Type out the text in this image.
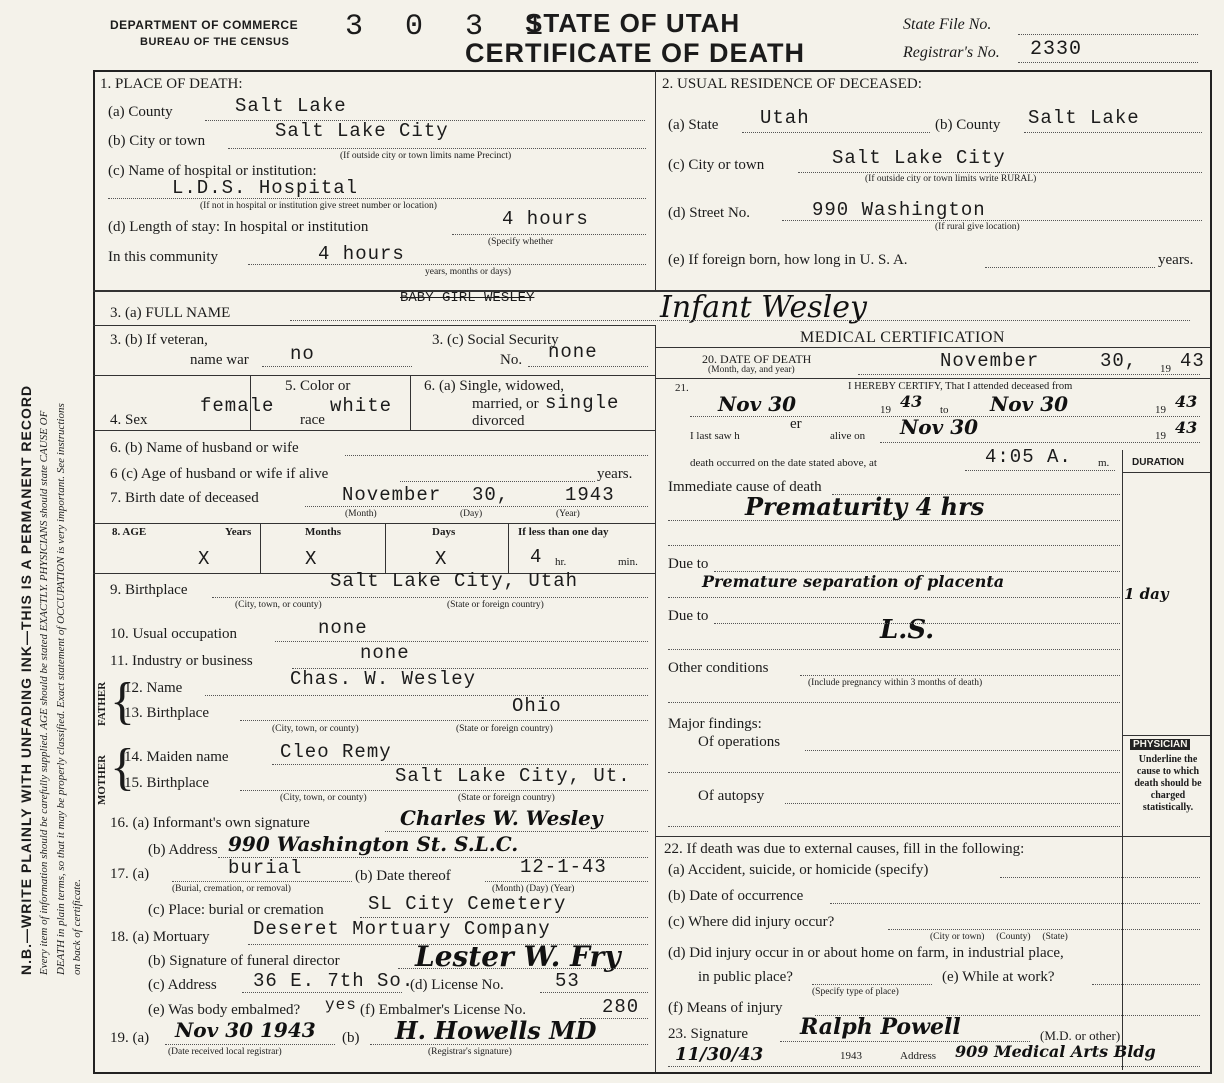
N.B.—WRITE PLAINLY WITH UNFADING INK—THIS IS A PERMANENT RECORD Every item of information should be carefully supplied. AGE should be stated EXACTLY. PHYSICIANS should state CAUSE OF DEATH in plain terms, so that it may be properly classified. Exact statement of OCCUPATION is very important. See instructions on back of certificate.
DEPARTMENT OF COMMERCE
BUREAU OF THE CENSUS 3 0 3 1
STATE OF UTAH
CERTIFICATE OF DEATH
State File No.
Registrar's No. 2330
1. PLACE OF DEATH:
(a) County	Salt Lake
(b) City or town	Salt Lake City
(If outside city or town limits name Precinct)
(c) Name of hospital or institution:
L.D.S. Hospital
(If not in hospital or institution give street number or location)
(d) Length of stay: In hospital or institution	4 hours
(Specify whether
In this community	4 hours
years, months or days)
2. USUAL RESIDENCE OF DECEASED:
(a) State Utah	(b) County Salt Lake
(c) City or town	Salt Lake City
(If outside city or town limits write RURAL)
(d) Street No.	990 Washington
(If rural give location)
(e) If foreign born, how long in U. S. A.	years.
3. (a) FULL NAME
BABY GIRL WESLEY	Infant Wesley
MEDICAL CERTIFICATION
3. (b) If veteran,
name war no
3. (c) Social Security
No. none
4. Sex
female
5. Color or
white
race
6. (a) Single, widowed,
married, or single
divorced
6. (b) Name of husband or wife
6 (c) Age of husband or wife if alive	years.
7. Birth date of deceased	November 30,	1943
(Month)	(Day)	(Year)
8. AGE	Years	Months	Days	If less than one day
X	X	X	4 hr.	min.
9. Birthplace	Salt Lake City, Utah
(City, town, or county)	(State or foreign country)
10. Usual occupation	none
11. Industry or business	none
FATHER
MOTHER
{
{
12. Name	Chas. W. Wesley
13. Birthplace	Ohio
(City, town, or county)	(State or foreign country)
14. Maiden name	Cleo Remy
15. Birthplace	Salt Lake City, Ut.
(City, town, or county)	(State or foreign country)
16. (a) Informant's own signature	Charles W. Wesley
(b) Address 990 Washington St. S.L.C.
17. (a)	burial
(Burial, cremation, or removal)
(b) Date thereof	12-1-43
(Month) (Day) (Year)
(c) Place: burial or cremation SL City Cemetery
18. (a) Mortuary Deseret Mortuary Company
(b) Signature of funeral director	Lester W. Fry
(c) Address 36 E. 7th So.
(d) License No.	53
(e) Was body embalmed? yes (f) Embalmer's License No.	280
19. (a) Nov 30 1943
(Date received local registrar)
(b) H. Howells MD
(Registrar's signature)
20. DATE OF DEATH
(Month, day, and year)	November	30, 19 43
21.	I HEREBY CERTIFY, That I attended deceased from
Nov 30	19 43 to Nov 30	19 43
I last saw h
er
alive on Nov 30	19 43
death occurred on the date stated above, at	4:05 A. m. DURATION
Immediate cause of death
Prematurity 4 hrs
Due to
Premature separation of placenta
1 day
Due to	L.S.
Other conditions
(Include pregnancy within 3 months of death)
Major findings:
Of operations
Of autopsy
PHYSICIAN
Underline the cause to which death should be charged statistically.
22. If death was due to external causes, fill in the following:
(a) Accident, suicide, or homicide (specify)
(b) Date of occurrence
(c) Where did injury occur?
(City or town)     (County)     (State)
(d) Did injury occur in or about home on farm, in industrial place,
in public place?
(Specify type of place)
(e) While at work?
(f) Means of injury
23. Signature Ralph Powell	(M.D. or other)
11/30/43	1943	Address 909 Medical Arts Bldg
